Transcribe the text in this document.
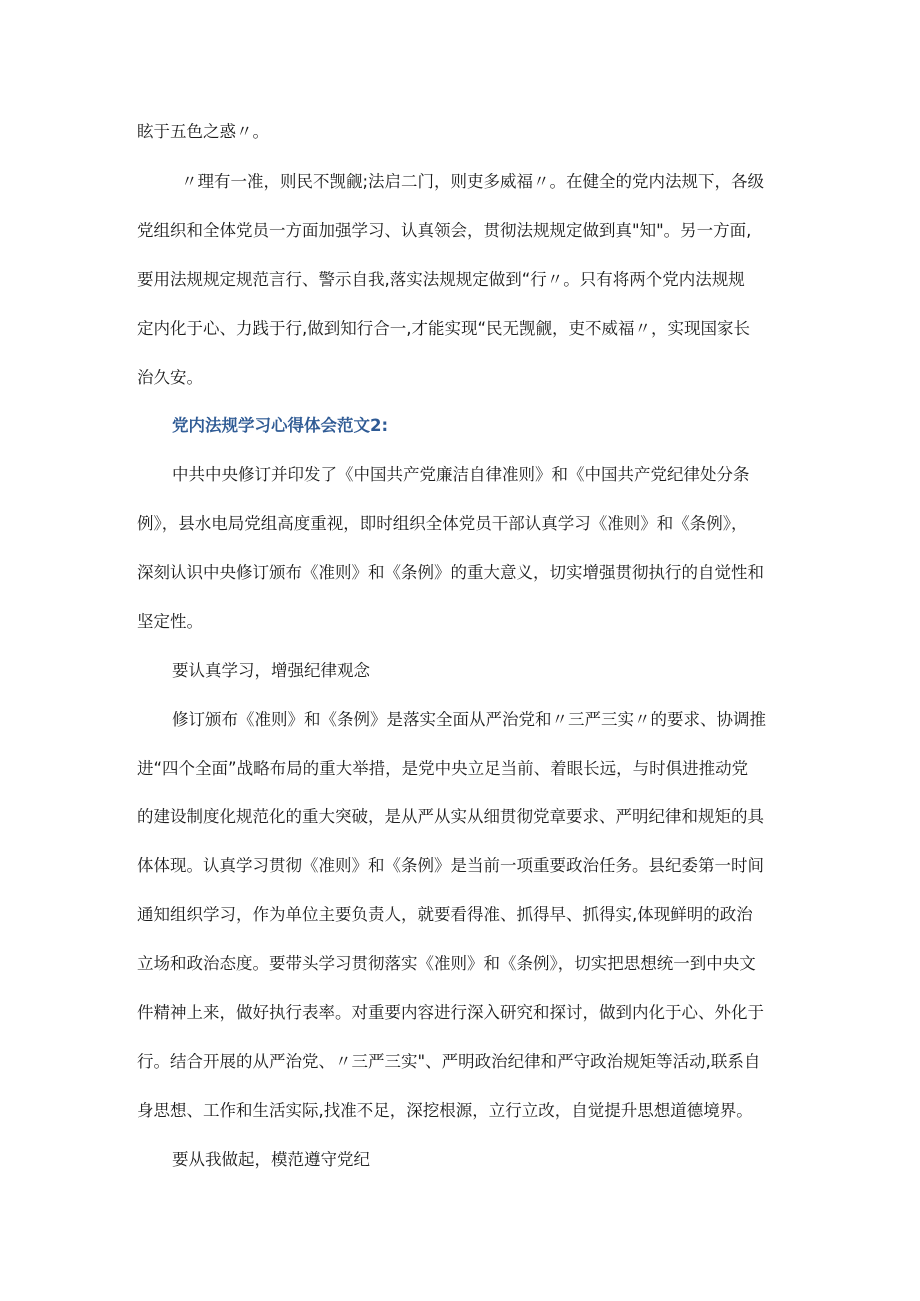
眩于五色之惑〃。
〃理有一准，则民不觊觎;法启二门，则吏多威福〃。在健全的党内法规下，各级
党组织和全体党员一方面加强学习、认真领会，贯彻法规规定做到真"知"。另一方面,
要用法规规定规范言行、警示自我,落实法规规定做到“行〃。只有将两个党内法规规
定内化于心、力践于行,做到知行合一,才能实现“民无觊觎，吏不威福〃，实现国家长
治久安。
党内法规学习心得体会范文2:
中共中央修订并印发了《中国共产党廉洁自律准则》和《中国共产党纪律处分条
例》，县水电局党组高度重视，即时组织全体党员干部认真学习《准则》和《条例》，
深刻认识中央修订颁布《准则》和《条例》的重大意义，切实增强贯彻执行的自觉性和
坚定性。
要认真学习，增强纪律观念
修订颁布《准则》和《条例》是落实全面从严治党和〃三严三实〃的要求、协调推
进“四个全面”战略布局的重大举措，是党中央立足当前、着眼长远，与时俱进推动党
的建设制度化规范化的重大突破，是从严从实从细贯彻党章要求、严明纪律和规矩的具
体体现。认真学习贯彻《准则》和《条例》是当前一项重要政治任务。县纪委第一时间
通知组织学习，作为单位主要负责人，就要看得准、抓得早、抓得实,体现鲜明的政治
立场和政治态度。要带头学习贯彻落实《准则》和《条例》，切实把思想统一到中央文
件精神上来，做好执行表率。对重要内容进行深入研究和探讨，做到内化于心、外化于
行。结合开展的从严治党、〃三严三实"、严明政治纪律和严守政治规矩等活动,联系自
身思想、工作和生活实际,找准不足，深挖根源，立行立改，自觉提升思想道德境界。
要从我做起，模范遵守党纪
